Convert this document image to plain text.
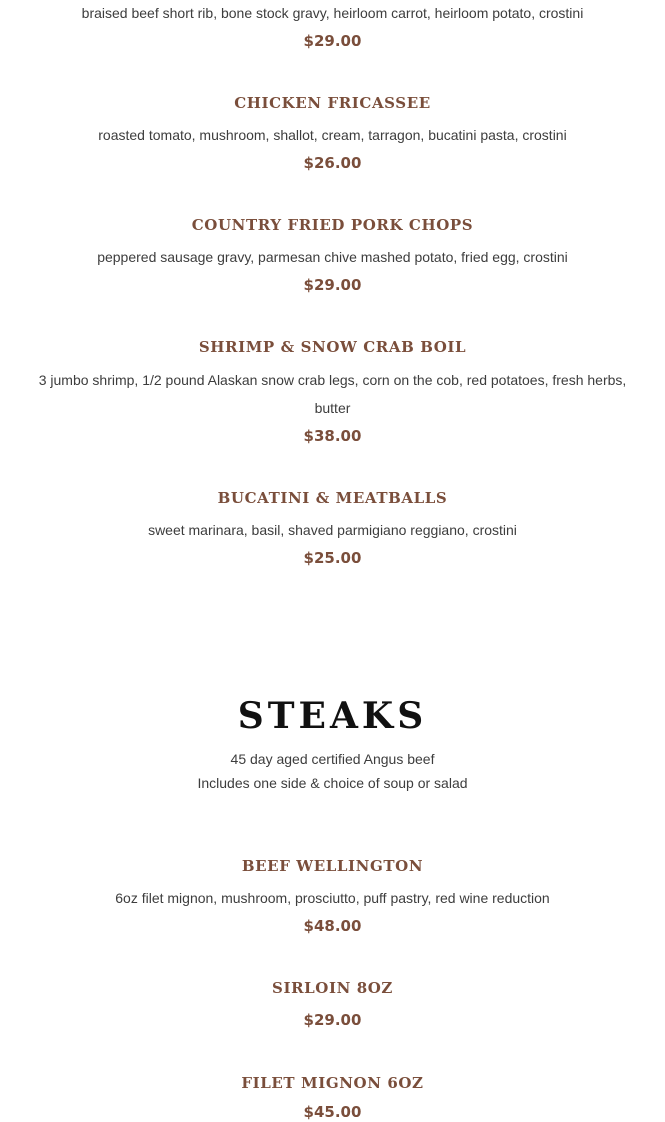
braised beef short rib, bone stock gravy, heirloom carrot, heirloom potato, crostini
$29.00
CHICKEN FRICASSEE
roasted tomato, mushroom, shallot, cream, tarragon, bucatini pasta, crostini
$26.00
COUNTRY FRIED PORK CHOPS
peppered sausage gravy, parmesan chive mashed potato, fried egg, crostini
$29.00
SHRIMP & SNOW CRAB BOIL
3 jumbo shrimp, 1/2 pound Alaskan snow crab legs, corn on the cob, red potatoes, fresh herbs, butter
$38.00
BUCATINI & MEATBALLS
sweet marinara, basil, shaved parmigiano reggiano, crostini
$25.00
STEAKS
45 day aged certified Angus beef
Includes one side & choice of soup or salad
BEEF WELLINGTON
6oz filet mignon, mushroom, prosciutto, puff pastry, red wine reduction
$48.00
SIRLOIN 8OZ
$29.00
FILET MIGNON 6OZ
$45.00
